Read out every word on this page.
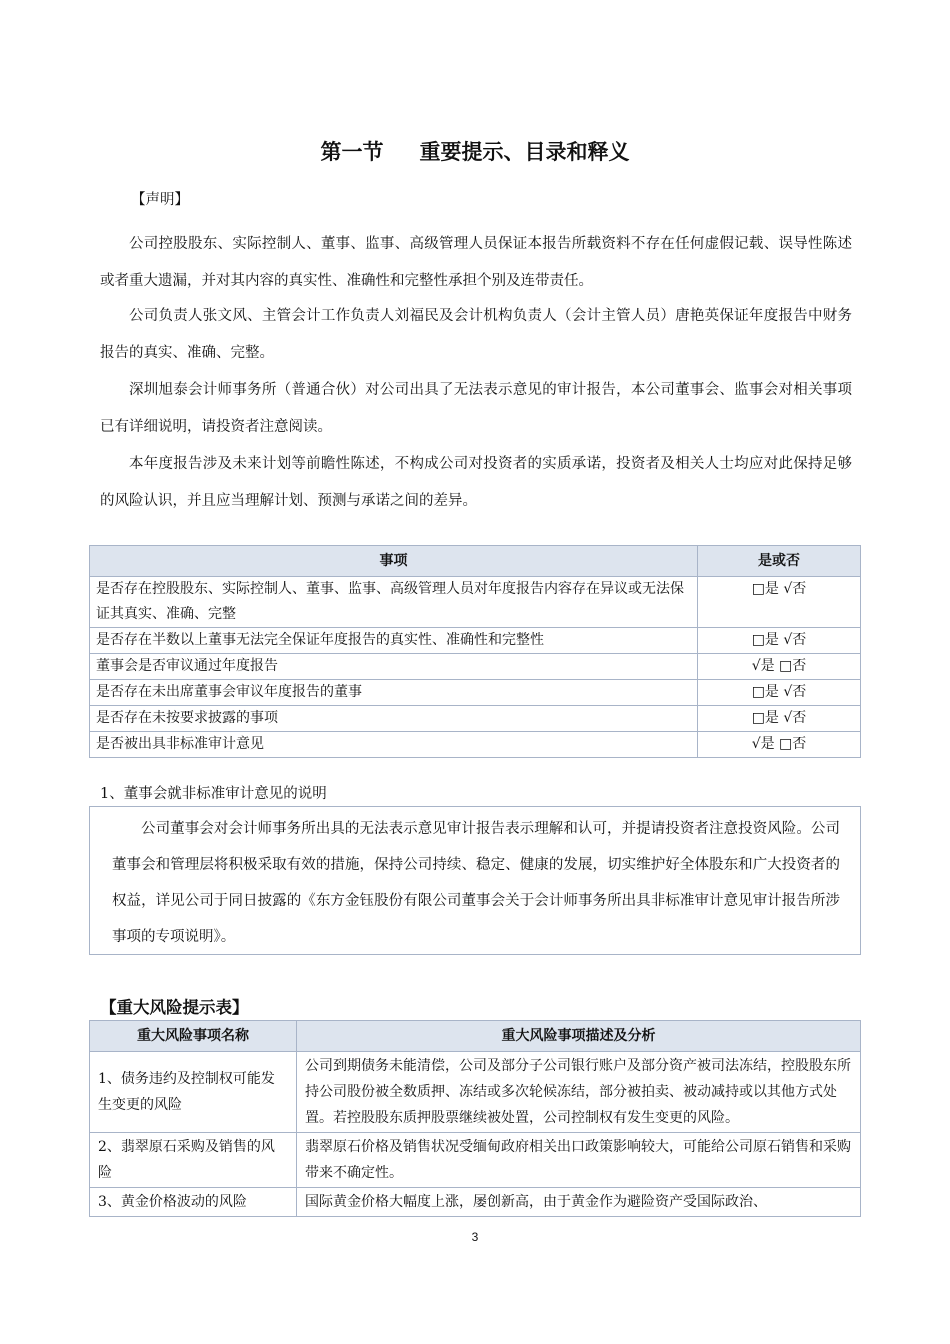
第一节 重要提示、目录和释义
【声明】
公司控股股东、实际控制人、董事、监事、高级管理人员保证本报告所载资料不存在任何虚假记载、误导性陈述或者重大遗漏，并对其内容的真实性、准确性和完整性承担个别及连带责任。
公司负责人张文风、主管会计工作负责人刘福民及会计机构负责人（会计主管人员）唐艳英保证年度报告中财务报告的真实、准确、完整。
深圳旭泰会计师事务所（普通合伙）对公司出具了无法表示意见的审计报告，本公司董事会、监事会对相关事项已有详细说明，请投资者注意阅读。
本年度报告涉及未来计划等前瞻性陈述，不构成公司对投资者的实质承诺，投资者及相关人士均应对此保持足够的风险认识，并且应当理解计划、预测与承诺之间的差异。
事项	是或否
是否存在控股股东、实际控制人、董事、监事、高级管理人员对年度报告内容存在异议或无法保证其真实、准确、完整	□是 √否
是否存在半数以上董事无法完全保证年度报告的真实性、准确性和完整性	□是 √否
董事会是否审议通过年度报告	√是 □否
是否存在未出席董事会审议年度报告的董事	□是 √否
是否存在未按要求披露的事项	□是 √否
是否被出具非标准审计意见	√是 □否
1、董事会就非标准审计意见的说明
公司董事会对会计师事务所出具的无法表示意见审计报告表示理解和认可，并提请投资者注意投资风险。公司董事会和管理层将积极采取有效的措施，保持公司持续、稳定、健康的发展，切实维护好全体股东和广大投资者的权益，详见公司于同日披露的《东方金钰股份有限公司董事会关于会计师事务所出具非标准审计意见审计报告所涉事项的专项说明》。
【重大风险提示表】
重大风险事项名称	重大风险事项描述及分析
1、债务违约及控制权可能发生变更的风险	公司到期债务未能清偿，公司及部分子公司银行账户及部分资产被司法冻结，控股股东所持公司股份被全数质押、冻结或多次轮候冻结，部分被拍卖、被动减持或以其他方式处置。若控股股东质押股票继续被处置，公司控制权有发生变更的风险。
2、翡翠原石采购及销售的风险	翡翠原石价格及销售状况受缅甸政府相关出口政策影响较大，可能给公司原石销售和采购带来不确定性。
3、黄金价格波动的风险	国际黄金价格大幅度上涨，屡创新高，由于黄金作为避险资产受国际政治、
3
